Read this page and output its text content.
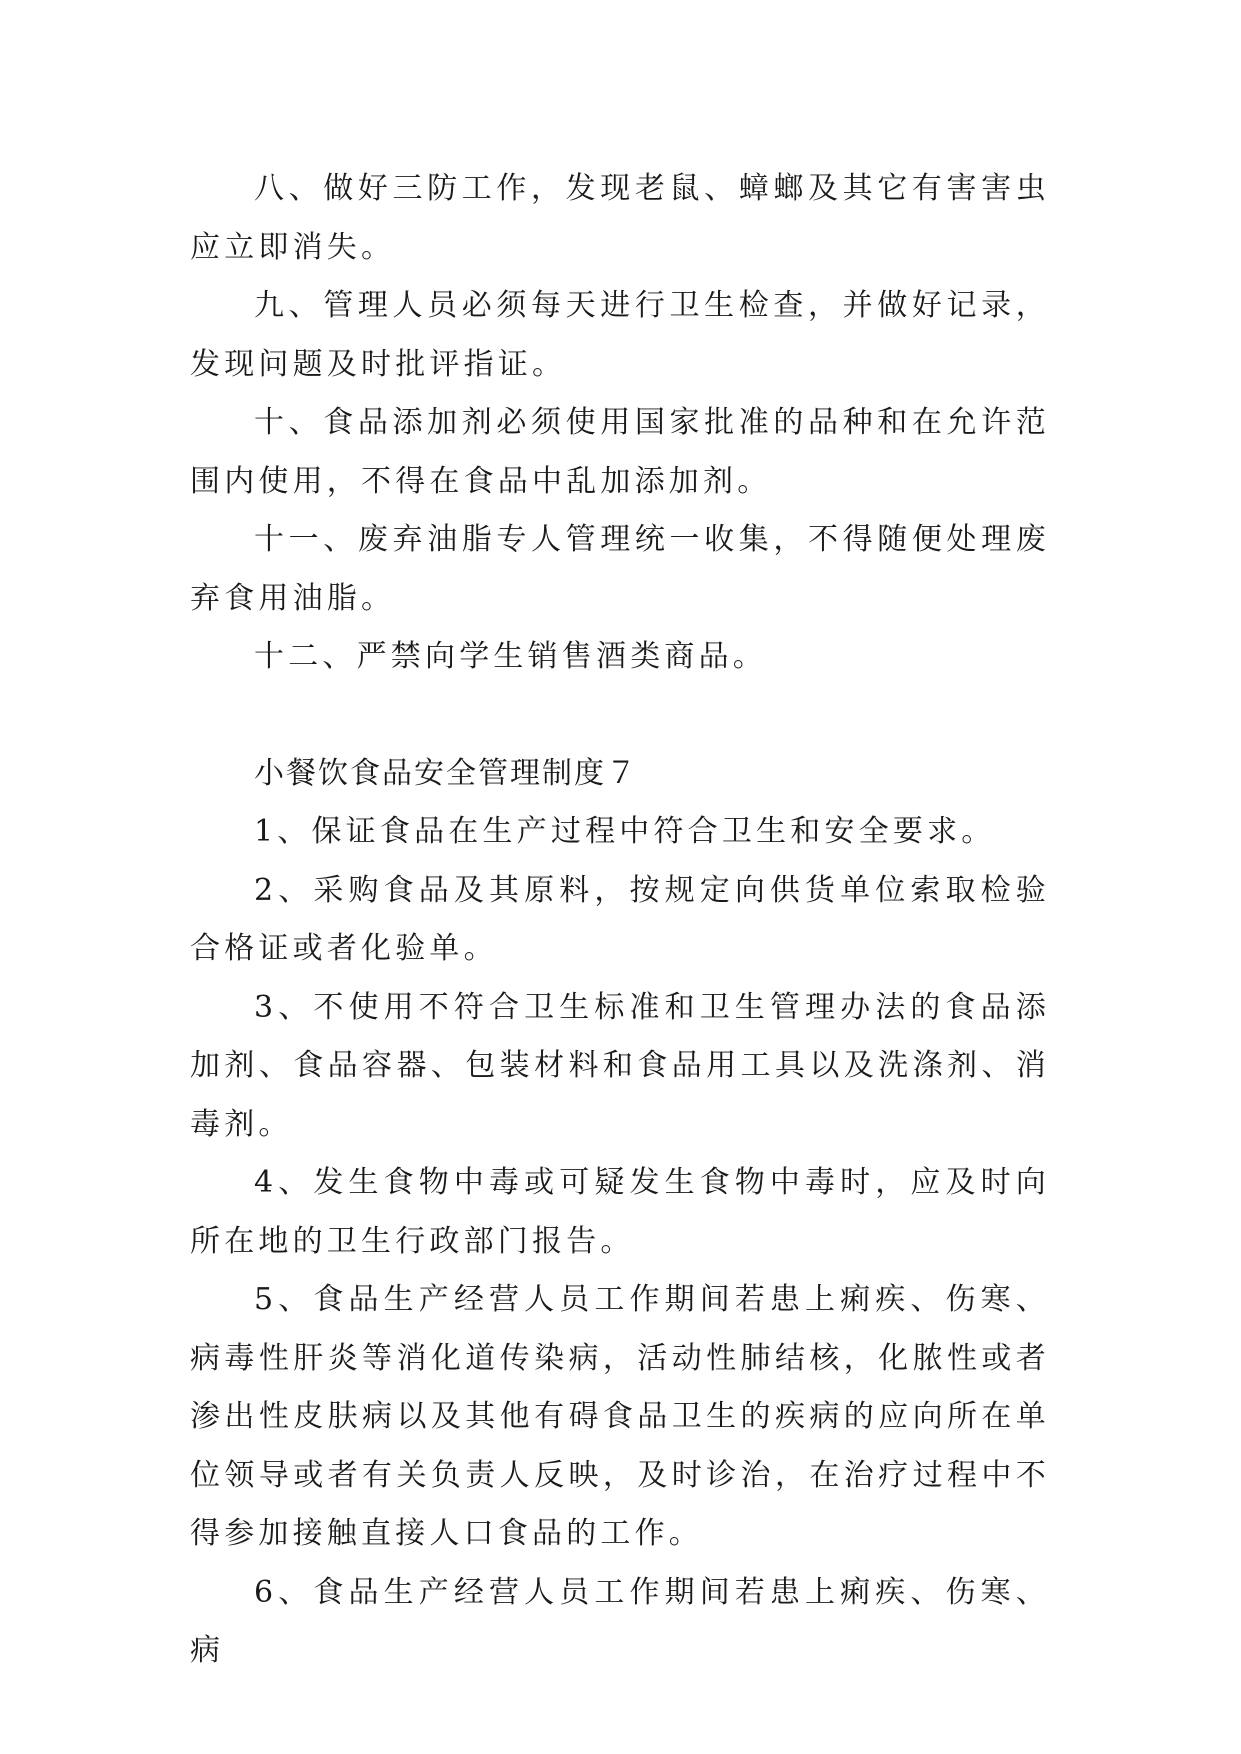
八、做好三防工作，发现老鼠、蟑螂及其它有害害虫应立即消失。

九、管理人员必须每天进行卫生检查，并做好记录，发现问题及时批评指证。

十、食品添加剂必须使用国家批准的品种和在允许范围内使用，不得在食品中乱加添加剂。

十一、废弃油脂专人管理统一收集，不得随便处理废弃食用油脂。

十二、严禁向学生销售酒类商品。

小餐饮食品安全管理制度７

1、保证食品在生产过程中符合卫生和安全要求。

2、采购食品及其原料，按规定向供货单位索取检验合格证或者化验单。

3、不使用不符合卫生标准和卫生管理办法的食品添加剂、食品容器、包装材料和食品用工具以及洗涤剂、消毒剂。

4、发生食物中毒或可疑发生食物中毒时，应及时向所在地的卫生行政部门报告。

5、食品生产经营人员工作期间若患上痢疾、伤寒、病毒性肝炎等消化道传染病，活动性肺结核，化脓性或者渗出性皮肤病以及其他有碍食品卫生的疾病的应向所在单位领导或者有关负责人反映，及时诊治，在治疗过程中不得参加接触直接人口食品的工作。

6、食品生产经营人员工作期间若患上痢疾、伤寒、病
